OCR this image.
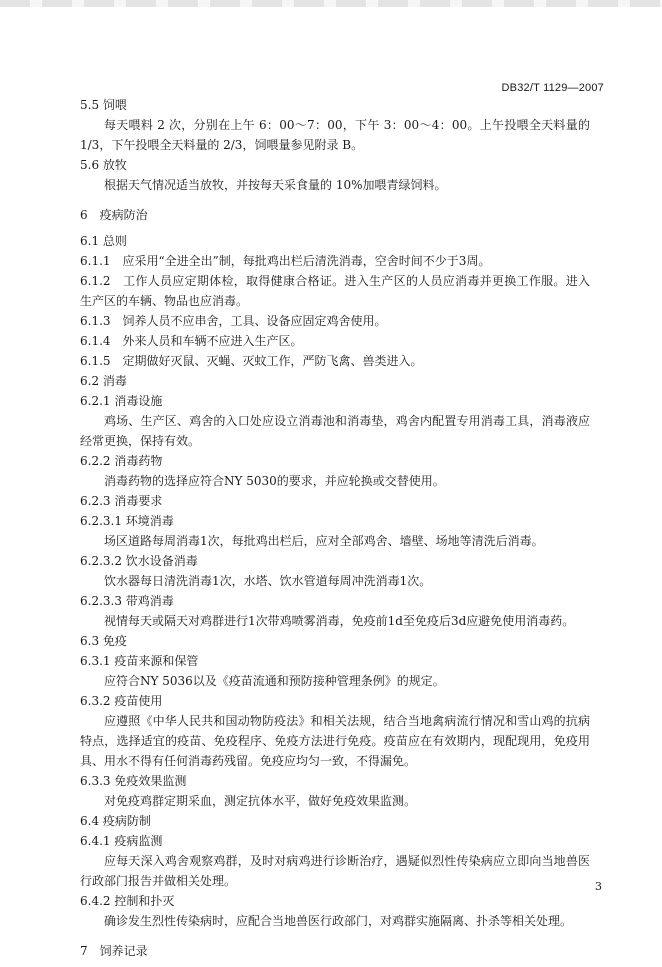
DB32/T 1129—2007
5.5 饲喂
每天喂料 2 次，分别在上午 6：00～7：00，下午 3：00～4：00。上午投喂全天料量的 1/3，下午投喂全天料量的 2/3，饲喂量参见附录 B。
5.6 放牧
根据天气情况适当放牧，并按每天采食量的 10%加喂青绿饲料。
6　疫病防治
6.1 总则
6.1.1　应采用“全进全出”制，每批鸡出栏后清洗消毒，空舍时间不少于3周。
6.1.2　工作人员应定期体检，取得健康合格证。进入生产区的人员应消毒并更换工作服。进入生产区的车辆、物品也应消毒。
6.1.3　饲养人员不应串舍，工具、设备应固定鸡舍使用。
6.1.4　外来人员和车辆不应进入生产区。
6.1.5　定期做好灭鼠、灭蝇、灭蚊工作，严防飞禽、兽类进入。
6.2 消毒
6.2.1 消毒设施
鸡场、生产区、鸡舍的入口处应设立消毒池和消毒垫，鸡舍内配置专用消毒工具，消毒液应经常更换，保持有效。
6.2.2 消毒药物
消毒药物的选择应符合NY 5030的要求，并应轮换或交替使用。
6.2.3 消毒要求
6.2.3.1 环境消毒
场区道路每周消毒1次，每批鸡出栏后，应对全部鸡舍、墙壁、场地等清洗后消毒。
6.2.3.2 饮水设备消毒
饮水器每日清洗消毒1次，水塔、饮水管道每周冲洗消毒1次。
6.2.3.3 带鸡消毒
视情每天或隔天对鸡群进行1次带鸡喷雾消毒，免疫前1d至免疫后3d应避免使用消毒药。
6.3 免疫
6.3.1 疫苗来源和保管
应符合NY 5036以及《疫苗流通和预防接种管理条例》的规定。
6.3.2 疫苗使用
应遵照《中华人民共和国动物防疫法》和相关法规，结合当地禽病流行情况和雪山鸡的抗病特点，选择适宜的疫苗、免疫程序、免疫方法进行免疫。疫苗应在有效期内，现配现用，免疫用具、用水不得有任何消毒药残留。免疫应均匀一致，不得漏免。
6.3.3 免疫效果监测
对免疫鸡群定期采血，测定抗体水平，做好免疫效果监测。
6.4 疫病防制
6.4.1 疫病监测
应每天深入鸡舍观察鸡群，及时对病鸡进行诊断治疗，遇疑似烈性传染病应立即向当地兽医行政部门报告并做相关处理。
6.4.2 控制和扑灭
确诊发生烈性传染病时，应配合当地兽医行政部门，对鸡群实施隔离、扑杀等相关处理。
7　饲养记录
3
